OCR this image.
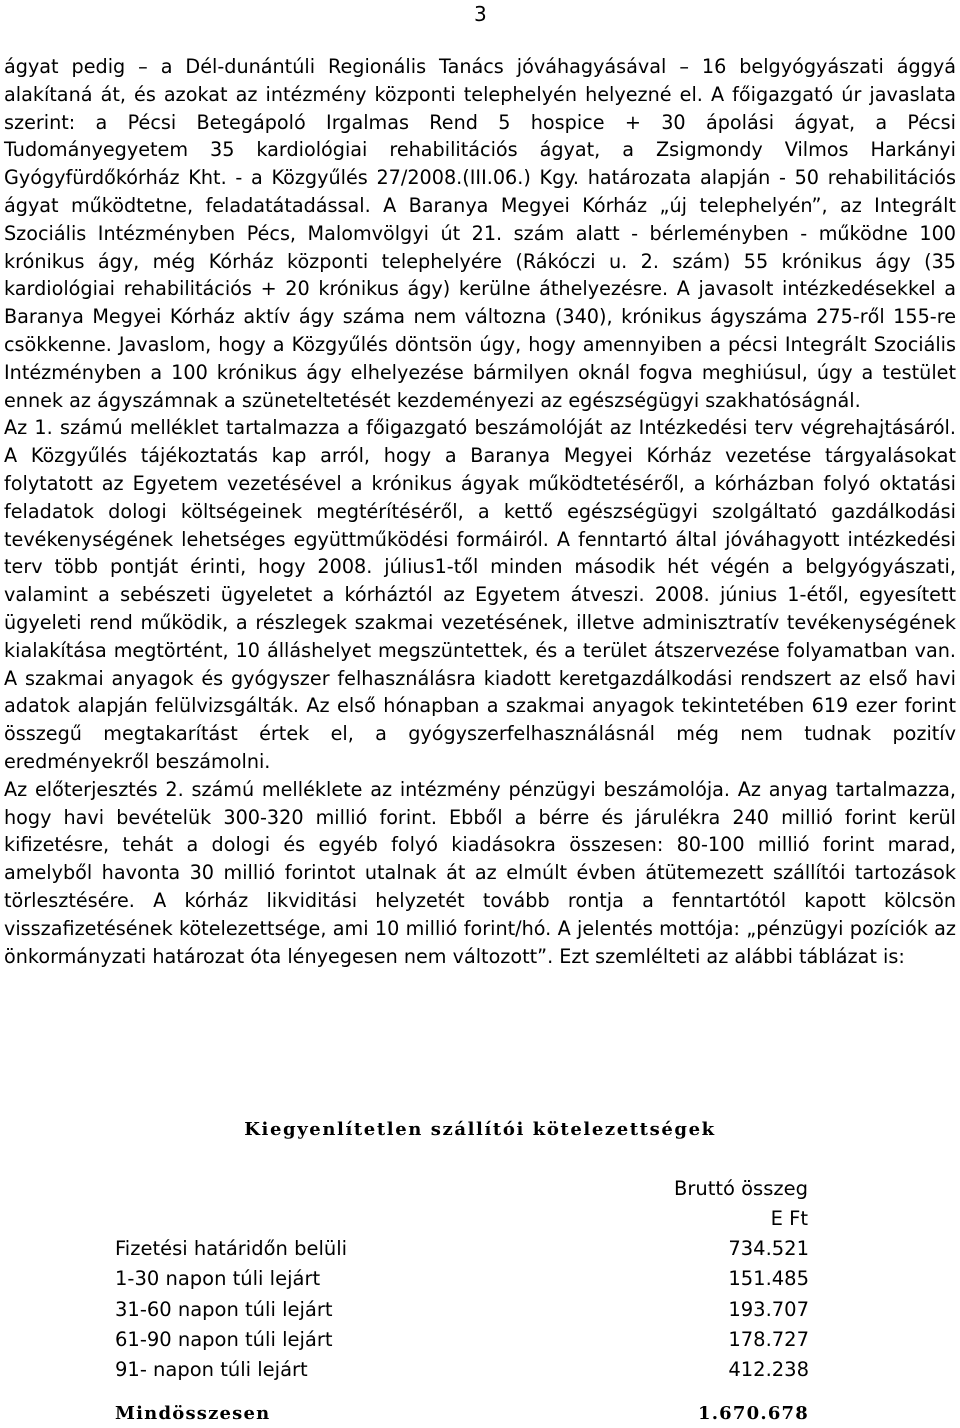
3

ágyat pedig – a Dél-dunántúli Regionális Tanács jóváhagyásával – 16 belgyógyászati ággyá alakítaná át, és azokat az intézmény központi telephelyén helyezné el. A főigazgató úr javaslata szerint: a Pécsi Betegápoló Irgalmas Rend 5 hospice + 30 ápolási ágyat, a Pécsi Tudományegyetem 35 kardiológiai rehabilitációs ágyat, a Zsigmondy Vilmos Harkányi Gyógyfürdőkórház Kht. - a Közgyűlés 27/2008.(III.06.) Kgy. határozata alapján - 50 rehabilitációs ágyat működtetne, feladatátadással. A Baranya Megyei Kórház „új telephelyén”, az Integrált Szociális Intézményben Pécs, Malomvölgyi út 21. szám alatt - bérleményben - működne 100 krónikus ágy, még Kórház központi telephelyére (Rákóczi u. 2. szám) 55 krónikus ágy (35 kardiológiai rehabilitációs + 20 krónikus ágy) kerülne áthelyezésre. A javasolt intézkedésekkel a Baranya Megyei Kórház aktív ágy száma nem változna (340), krónikus ágyszáma 275-ről 155-re csökkenne. Javaslom, hogy a Közgyűlés döntsön úgy, hogy amennyiben a pécsi Integrált Szociális Intézményben a 100 krónikus ágy elhelyezése bármilyen oknál fogva meghiúsul, úgy a testület ennek az ágyszámnak a szüneteltetését kezdeményezi az egészségügyi szakhatóságnál.

Az 1. számú melléklet tartalmazza a főigazgató beszámolóját az Intézkedési terv végrehajtásáról. A Közgyűlés tájékoztatás kap arról, hogy a Baranya Megyei Kórház vezetése tárgyalásokat folytatott az Egyetem vezetésével a krónikus ágyak működtetéséről, a kórházban folyó oktatási feladatok dologi költségeinek megtérítéséről, a kettő egészségügyi szolgáltató gazdálkodási tevékenységének lehetséges együttműködési formáiról. A fenntartó által jóváhagyott intézkedési terv több pontját érinti, hogy 2008. július1-től minden második hét végén a belgyógyászati, valamint a sebészeti ügyeletet a kórháztól az Egyetem átveszi. 2008. június 1-étől, egyesített ügyeleti rend működik, a részlegek szakmai vezetésének, illetve adminisztratív tevékenységének kialakítása megtörtént, 10 álláshelyet megszüntettek, és a terület átszervezése folyamatban van. A szakmai anyagok és gyógyszer felhasználásra kiadott keretgazdálkodási rendszert az első havi adatok alapján felülvizsgálták. Az első hónapban a szakmai anyagok tekintetében 619 ezer forint összegű megtakarítást értek el, a gyógyszerfelhasználásnál még nem tudnak pozitív eredményekről beszámolni.

Az előterjesztés 2. számú melléklete az intézmény pénzügyi beszámolója. Az anyag tartalmazza, hogy havi bevételük 300-320 millió forint. Ebből a bérre és járulékra 240 millió forint kerül kifizetésre, tehát a dologi és egyéb folyó kiadásokra összesen: 80-100 millió forint marad, amelyből havonta 30 millió forintot utalnak át az elmúlt évben átütemezett szállítói tartozások törlesztésére. A kórház likviditási helyzetét tovább rontja a fenntartótól kapott kölcsön visszafizetésének kötelezettsége, ami 10 millió forint/hó. A jelentés mottója: „pénzügyi pozíciók az önkormányzati határozat óta lényegesen nem változott”. Ezt szemlélteti az alábbi táblázat is:

Kiegyenlítetlen szállítói kötelezettségek
Bruttó összeg
E Ft
Fizetési határidőn belüli	734.521
1-30 napon túli lejárt	151.485
31-60 napon túli lejárt	193.707
61-90 napon túli lejárt	178.727
91- napon túli lejárt	412.238
Mindösszesen	1.670.678
